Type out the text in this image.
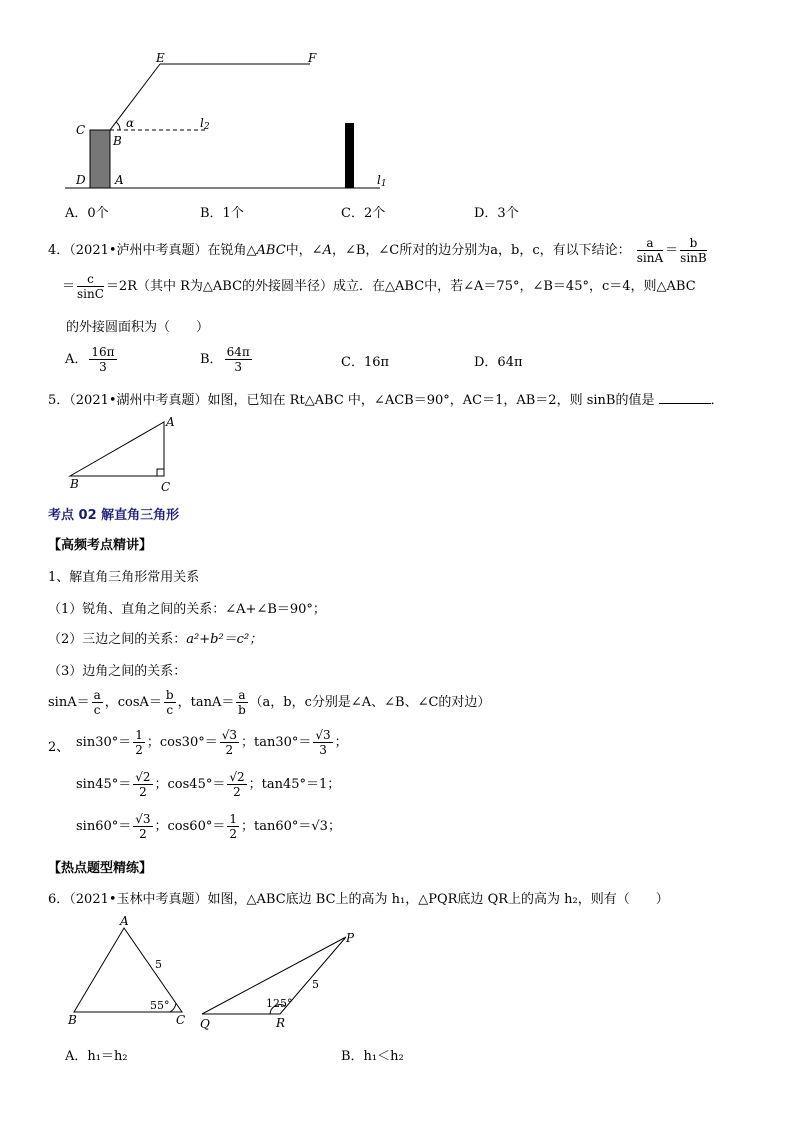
E	F
C
B
α	l2
D A	l1
A．0个	B．1个	C．2个	D．3个
4．（2021•泸州中考真题）在锐角△ABC中，∠A，∠B，∠C所对的边分别为a，b，c，有以下结论： $\frac{a}{\sin A} = \frac{b}{\sin B}$
＝ $\frac{c}{\sin C} =2R$（其中 R为△ABC的外接圆半径）成立．在△ABC中，若∠A＝75°，∠B＝45°，c＝4，则△ABC
的外接圆面积为（　　）
A． $\frac{16\pi}{3}$	B． $\frac{64\pi}{3}$	C．16π	D．64π
5．（2021•湖州中考真题）如图，已知在 Rt△ABC 中，∠ACB＝90°，AC＝1，AB＝2，则 sinB的值是	．
A
B	C
考点 02 解直角三角形
【高频考点精讲】
1、解直角三角形常用关系
（1）锐角、直角之间的关系：∠A+∠B＝90°；
（2）三边之间的关系：a²+b²＝c²；
（3）边角之间的关系：
$\sin A= \frac{a}{c}$ ，$\cos A= \frac{b}{c}$ ，$\tan A= \frac{a}{b} (a$，b，c分别是∠A、∠B、∠C的对边）
2、 $\sin 30^\circ= \frac{1}{2}$ ；$\cos 30^\circ= \frac{√3}{2}$ ；$\tan 30^\circ= \frac{√3}{3}$ ；
$\sin 45^\circ= \frac{√2}{2}$ ；$\cos 45^\circ= \frac{√2}{2}$ ；tan45°＝1；
$\sin 60^\circ= \frac{√3}{2}$ ；$\cos 60^\circ= \frac{1}{2}$ ；tan60°＝√3；
【热点题型精练】
6．（2021•玉林中考真题）如图，△ABC底边 BC上的高为 h₁，△PQR底边 QR上的高为 h₂，则有（　　）
A
B	C
5
55°
P
Q	R
5
125°
A．h₁＝h₂	B．h₁＜h₂
